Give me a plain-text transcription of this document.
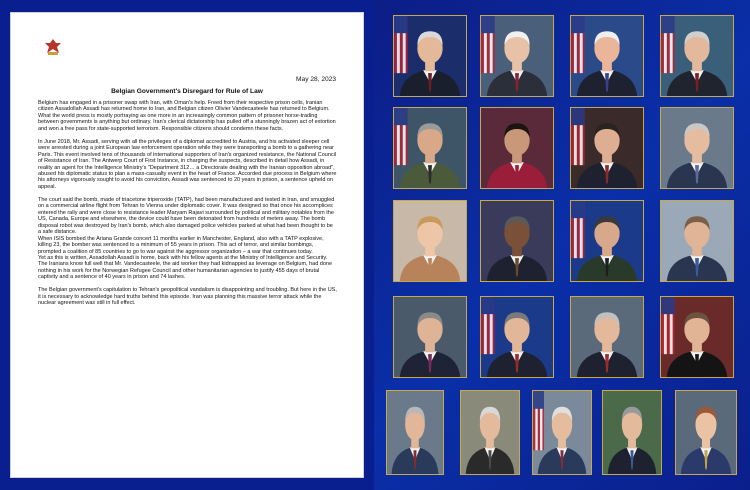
May 28, 2023
Belgian Government's Disregard for Rule of Law

Belgium has engaged in a prisoner swap with Iran, with Oman's help. Freed from their respective prison cells, Iranian citizen Assadollah Assadi has returned home to Iran, and Belgian citizen Olivier Vandecasteele has returned to Belgium. What the world press is mostly portraying as one more in an increasingly common pattern of prisoner horse-trading between governments is anything but ordinary. Iran's clerical dictatorship has pulled off a stunningly brazen act of extortion and won a free pass for state-supported terrorism. Responsible citizens should condemn these facts.

In June 2018, Mr. Assadi, serving with all the privileges of a diplomat accredited to Austria, and his activated sleeper cell were arrested during a joint European law enforcement operation while they were transporting a bomb to a gathering near Paris. This event involved tens of thousands of international supporters of Iran's organized resistance, the National Council of Resistance of Iran. The Antwerp Court of First Instance, in charging the suspects, described in detail how Assadi, in reality an agent for the Intelligence Ministry's "Department 312… a Directorate dealing with the Iranian opposition abroad", abused his diplomatic status to plan a mass-casualty event in the heart of France. Accorded due process in Belgium where his attorneys vigorously sought to avoid his conviction, Assadi was sentenced to 20 years in prison, a sentence upheld on appeal.

The court said the bomb, made of triacetone triperoxide (TATP), had been manufactured and tested in Iran, and smuggled on a commercial airline flight from Tehran to Vienna under diplomatic cover. It was designed so that once his accomplices entered the rally and were close to resistance leader Maryam Rajavi surrounded by political and military notables from the US, Canada, Europe and elsewhere, the device could have been detonated from hundreds of meters away. The bomb disposal robot was destroyed by Iran's bomb, which also damaged police vehicles parked at what had been thought to be a safe distance.
When ISIS bombed the Ariana Grande concert 11 months earlier in Manchester, England, also with a TATP explosive, killing 23, the bomber was sentenced to a minimum of 55 years in prison. This act of terror, and similar bombings, prompted a coalition of 85 countries to go to war against the aggressor organization – a war that continues today.
Yet as this is written, Assadollah Assadi is home, back with his fellow agents at the Ministry of Intelligence and Security. The Iranians know full well that Mr. Vandecasteele, the aid worker they had kidnapped as leverage on Belgium, had done nothing in his work for the Norwegian Refugee Council and other humanitarian agencies to justify 455 days of brutal captivity and a sentence of 40 years in prison and 74 lashes.

The Belgian government's capitulation to Tehran's geopolitical vandalism is disappointing and troubling. But here in the US, it is necessary to acknowledge hard truths behind this episode. Iran was planning this massive terror attack while the nuclear agreement was still in full effect.
